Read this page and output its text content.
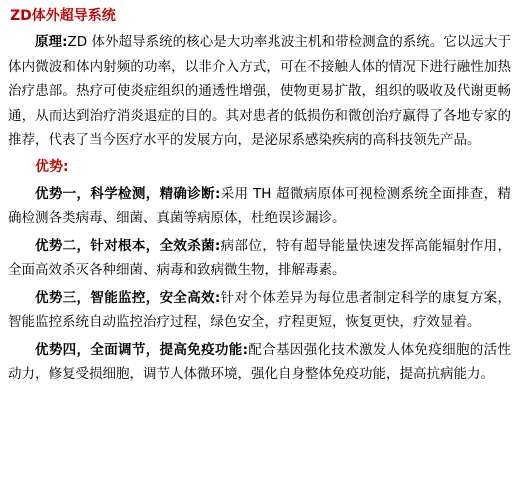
ZD体外超导系统

原理:ZD 体外超导系统的核心是大功率兆波主机和带检测盒的系统。它以远大于体内微波和体内射频的功率，以非介入方式，可在不接触人体的情况下进行融性加热治疗患部。热疗可使炎症组织的通透性增强，使物更易扩散，组织的吸收及代谢更畅通，从而达到治疗消炎退症的目的。其对患者的低损伤和微创治疗赢得了各地专家的推荐，代表了当今医疗水平的发展方向，是泌尿系感染疾病的高科技领先产品。

优势:

优势一，科学检测，精确诊断:采用 TH 超微病原体可视检测系统全面排查，精确检测各类病毒、细菌、真菌等病原体，杜绝误诊漏诊。

优势二，针对根本，全效杀菌:病部位，特有超导能量快速发挥高能辐射作用，全面高效杀灭各种细菌、病毒和致病微生物，排解毒素。

优势三，智能监控，安全高效:针对个体差异为每位患者制定科学的康复方案，智能监控系统自动监控治疗过程，绿色安全，疗程更短，恢复更快，疗效显着。

优势四，全面调节，提高免疫功能:配合基因强化技术激发人体免疫细胞的活性动力，修复受损细胞，调节人体微环境，强化自身整体免疫功能，提高抗病能力。
